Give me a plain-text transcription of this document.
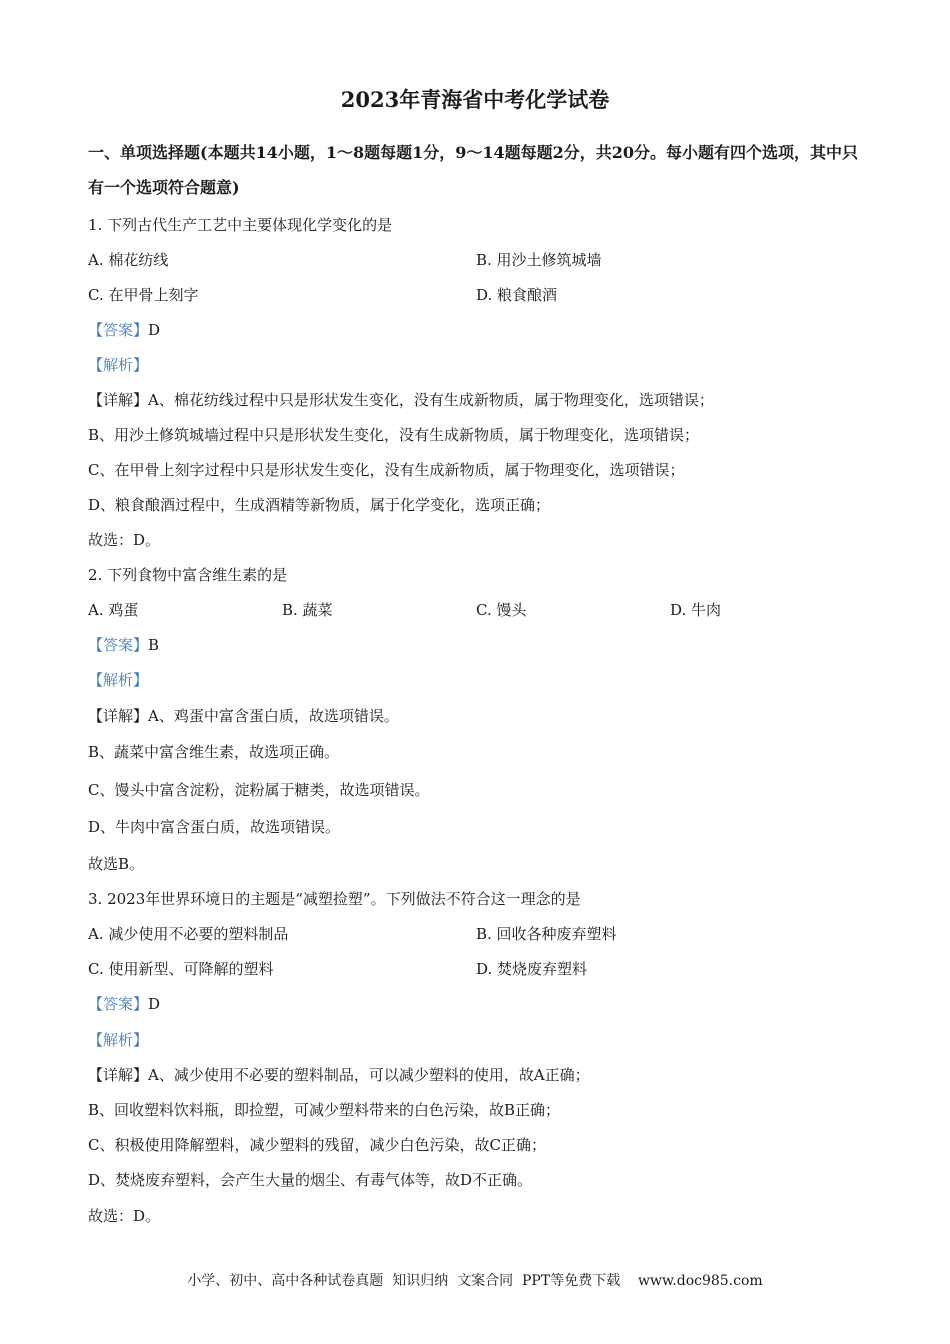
2023年青海省中考化学试卷
一、单项选择题(本题共14小题，1～8题每题1分，9～14题每题2分，共20分。每小题有四个选项，其中只有一个选项符合题意)
1. 下列古代生产工艺中主要体现化学变化的是
A. 棉花纺线	B. 用沙土修筑城墙
C. 在甲骨上刻字	D. 粮食酿酒
【答案】D
【解析】
【详解】A、棉花纺线过程中只是形状发生变化，没有生成新物质，属于物理变化，选项错误；
B、用沙土修筑城墙过程中只是形状发生变化，没有生成新物质，属于物理变化，选项错误；
C、在甲骨上刻字过程中只是形状发生变化，没有生成新物质，属于物理变化，选项错误；
D、粮食酿酒过程中，生成酒精等新物质，属于化学变化，选项正确；
故选：D。
2. 下列食物中富含维生素的是
A. 鸡蛋	B. 蔬菜	C. 馒头	D. 牛肉
【答案】B
【解析】
【详解】A、鸡蛋中富含蛋白质，故选项错误。
B、蔬菜中富含维生素，故选项正确。
C、馒头中富含淀粉，淀粉属于糖类，故选项错误。
D、牛肉中富含蛋白质，故选项错误。
故选B。
3. 2023年世界环境日的主题是“减塑捡塑”。下列做法不符合这一理念的是
A. 减少使用不必要的塑料制品	B. 回收各种废弃塑料
C. 使用新型、可降解的塑料	D. 焚烧废弃塑料
【答案】D
【解析】
【详解】A、减少使用不必要的塑料制品，可以减少塑料的使用，故A正确；
B、回收塑料饮料瓶，即捡塑，可减少塑料带来的白色污染，故B正确；
C、积极使用降解塑料，减少塑料的残留，减少白色污染，故C正确；
D、焚烧废弃塑料，会产生大量的烟尘、有毒气体等，故D不正确。
故选：D。
小学、初中、高中各种试卷真题  知识归纳  文案合同  PPT等免费下载    www.doc985.com
